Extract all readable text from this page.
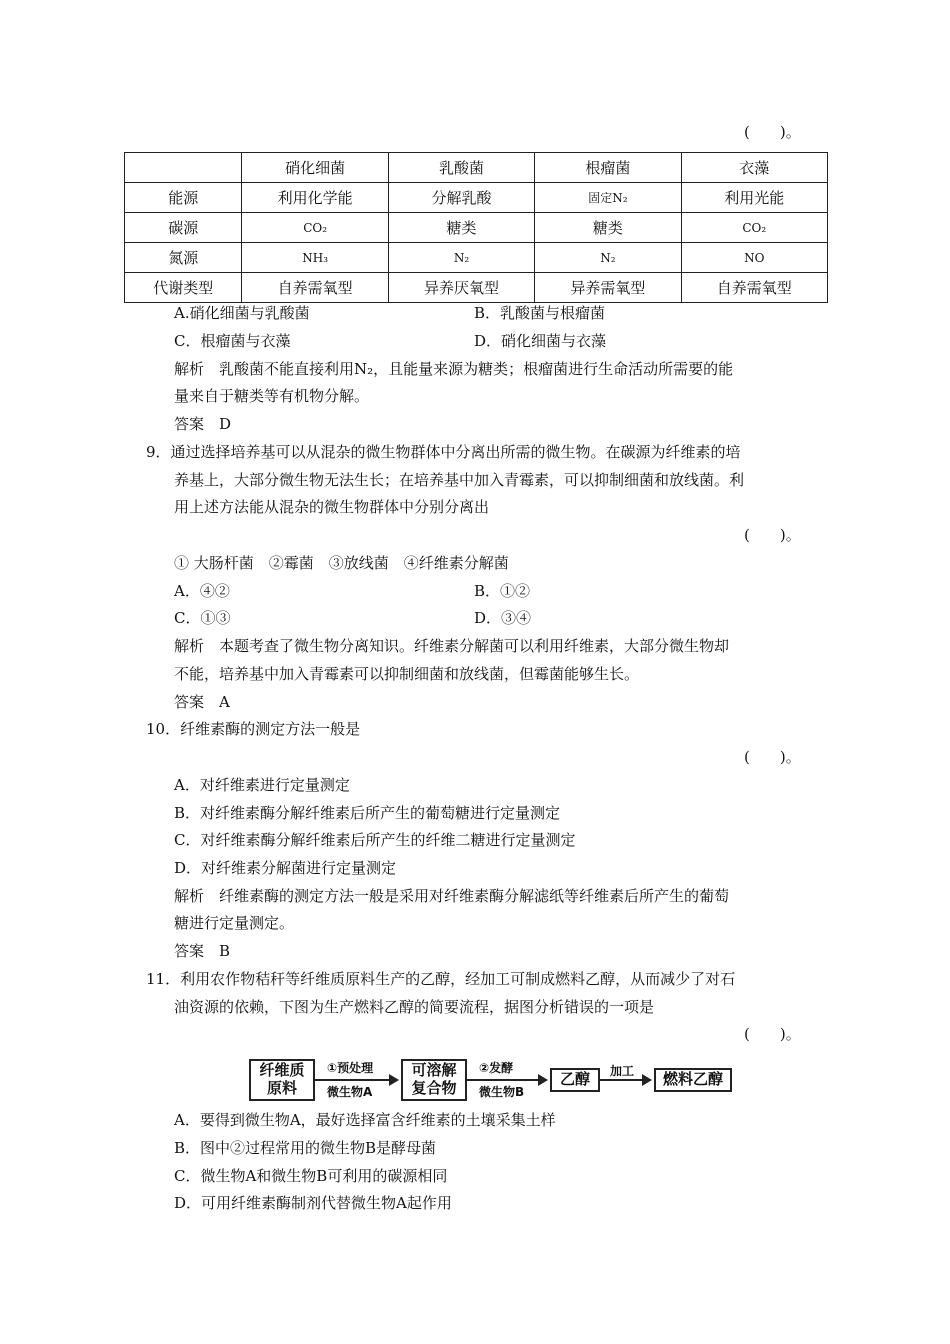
(　　)。
	硝化细菌	乳酸菌	根瘤菌	衣藻
能源	利用化学能	分解乳酸	固定N₂	利用光能
碳源	CO₂	糖类	糖类	CO₂
氮源	NH₃	N₂	N₂	NO
代谢类型	自养需氧型	异养厌氧型	异养需氧型	自养需氧型
A.硝化细菌与乳酸菌	B．乳酸菌与根瘤菌
C．根瘤菌与衣藻	D．硝化细菌与衣藻
解析　乳酸菌不能直接利用N₂，且能量来源为糖类；根瘤菌进行生命活动所需要的能
量来自于糖类等有机物分解。
答案　D
9．通过选择培养基可以从混杂的微生物群体中分离出所需的微生物。在碳源为纤维素的培
养基上，大部分微生物无法生长；在培养基中加入青霉素，可以抑制细菌和放线菌。利
用上述方法能从混杂的微生物群体中分别分离出
(　　)。
① 大肠杆菌　②霉菌　③放线菌　④纤维素分解菌
A．④②	B．①②
C．①③	D．③④
解析　本题考查了微生物分离知识。纤维素分解菌可以利用纤维素，大部分微生物却
不能，培养基中加入青霉素可以抑制细菌和放线菌，但霉菌能够生长。
答案　A
10．纤维素酶的测定方法一般是
(　　)。
A．对纤维素进行定量测定
B．对纤维素酶分解纤维素后所产生的葡萄糖进行定量测定
C．对纤维素酶分解纤维素后所产生的纤维二糖进行定量测定
D．对纤维素分解菌进行定量测定
解析　纤维素酶的测定方法一般是采用对纤维素酶分解滤纸等纤维素后所产生的葡萄
糖进行定量测定。
答案　B
11．利用农作物秸秆等纤维质原料生产的乙醇，经加工可制成燃料乙醇，从而减少了对石
油资源的依赖，下图为生产燃料乙醇的简要流程，据图分析错误的一项是
(　　)。
纤维质
原料
①预处理
微生物A
可溶解
复合物
②发酵
微生物B
乙醇	加工	燃料乙醇
A．要得到微生物A，最好选择富含纤维素的土壤采集土样
B．图中②过程常用的微生物B是酵母菌
C．微生物A和微生物B可利用的碳源相同
D．可用纤维素酶制剂代替微生物A起作用
